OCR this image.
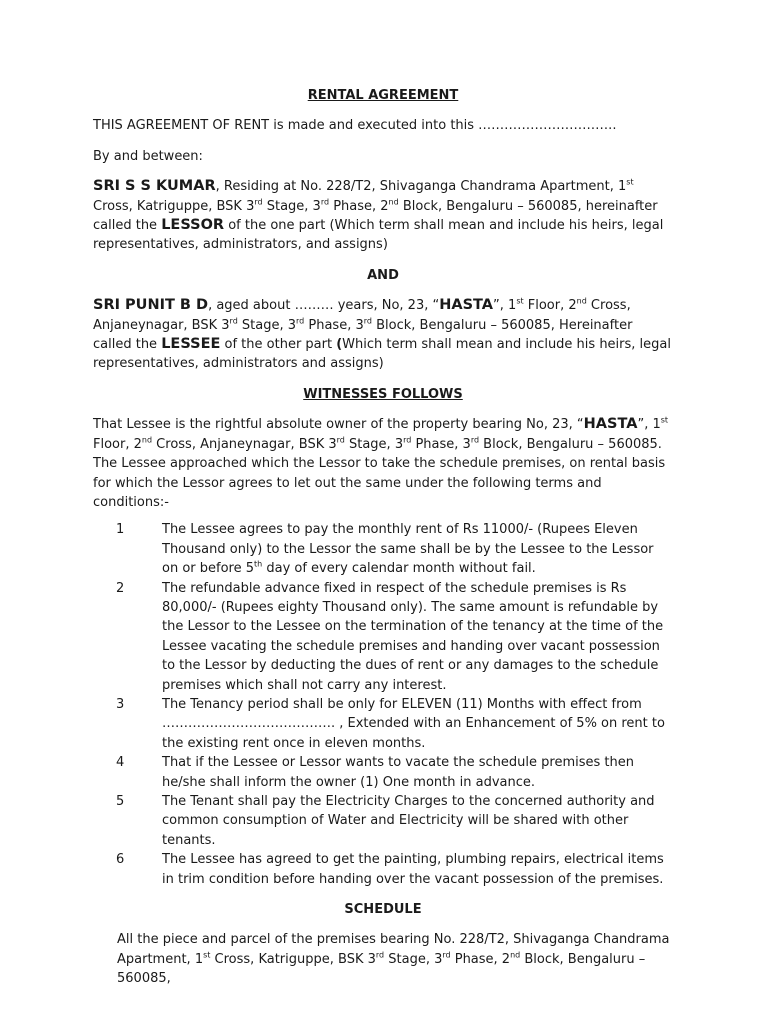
RENTAL AGREEMENT

THIS AGREEMENT OF RENT is made and executed into this …………………………..

By and between:

SRI S S KUMAR, Residing at No. 228/T2, Shivaganga Chandrama Apartment, 1st Cross, Katriguppe, BSK 3rd Stage, 3rd Phase, 2nd Block, Bengaluru – 560085, hereinafter called the LESSOR of the one part (Which term shall mean and include his heirs, legal representatives, administrators, and assigns)

AND

SRI PUNIT B D, aged about ……… years, No, 23, “HASTA”, 1st Floor, 2nd Cross, Anjaneynagar, BSK 3rd Stage, 3rd Phase, 3rd Block, Bengaluru – 560085, Hereinafter called the LESSEE of the other part (Which term shall mean and include his heirs, legal representatives, administrators and assigns)

WITNESSES FOLLOWS

That Lessee is the rightful absolute owner of the property bearing No, 23, “HASTA”, 1st Floor, 2nd Cross, Anjaneynagar, BSK 3rd Stage, 3rd Phase, 3rd Block, Bengaluru – 560085. The Lessee approached which the Lessor to take the schedule premises, on rental basis for which the Lessor agrees to let out the same under the following terms and conditions:-

1	The Lessee agrees to pay the monthly rent of Rs 11000/- (Rupees Eleven Thousand only) to the Lessor the same shall be by the Lessee to the Lessor on or before 5th day of every calendar month without fail.
2	The refundable advance fixed in respect of the schedule premises is Rs 80,000/- (Rupees eighty Thousand only). The same amount is refundable by the Lessor to the Lessee on the termination of the tenancy at the time of the Lessee vacating the schedule premises and handing over vacant possession to the Lessor by deducting the dues of rent or any damages to the schedule premises which shall not carry any interest.
3	The Tenancy period shall be only for ELEVEN (11) Months with effect from …………………………………. , Extended with an Enhancement of 5% on rent to the existing rent once in eleven months.
4	That if the Lessee or Lessor wants to vacate the schedule premises then he/she shall inform the owner (1) One month in advance.
5	The Tenant shall pay the Electricity Charges to the concerned authority and common consumption of Water and Electricity will be shared with other tenants.
6	The Lessee has agreed to get the painting, plumbing repairs, electrical items in trim condition before handing over the vacant possession of the premises.

SCHEDULE

All the piece and parcel of the premises bearing No. 228/T2, Shivaganga Chandrama Apartment, 1st Cross, Katriguppe, BSK 3rd Stage, 3rd Phase, 2nd Block, Bengaluru – 560085,
